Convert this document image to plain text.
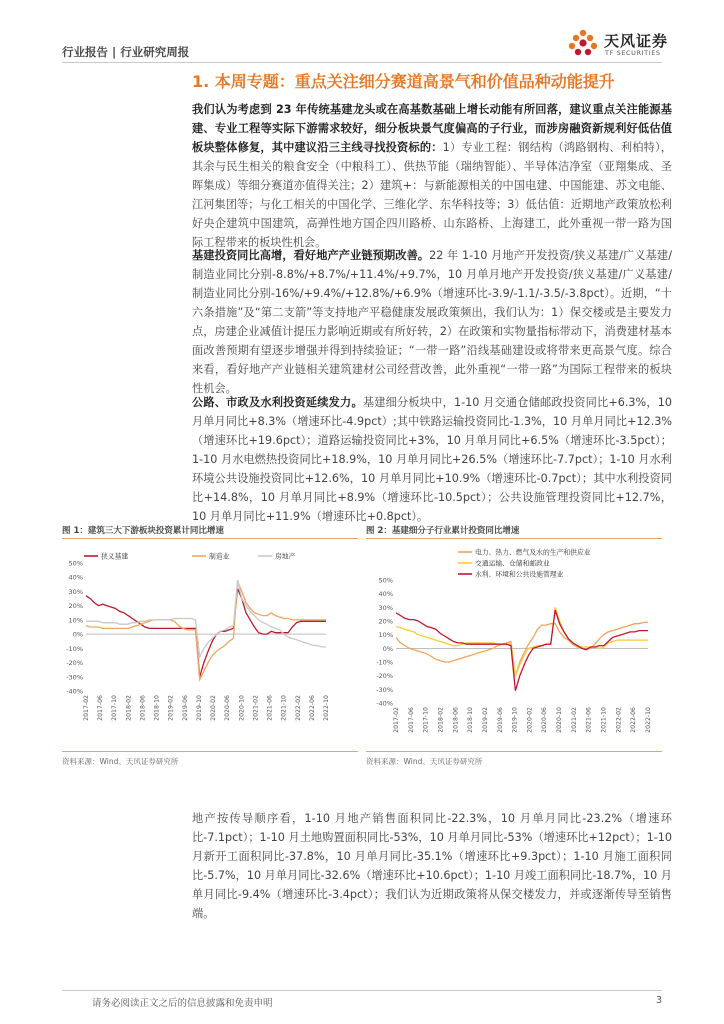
行业报告 | 行业研究周报
天风证券
TF SECURITIES
1. 本周专题：重点关注细分赛道高景气和价值品种动能提升
我们认为考虑到 23 年传统基建龙头或在高基数基础上增长动能有所回落，建议重点关注能源基建、专业工程等实际下游需求较好，细分板块景气度偏高的子行业，而涉房融资新规利好低估值板块整体修复，其中建议沿三主线寻找投资标的：1）专业工程：钢结构（鸿路钢构、利柏特），其余与民生相关的粮食安全（中粮科工）、供热节能（瑞纳智能）、半导体洁净室（亚翔集成、圣晖集成）等细分赛道亦值得关注；2）建筑+：与新能源相关的中国电建、中国能建、苏文电能、江河集团等；与化工相关的中国化学、三维化学、东华科技等；3）低估值：近期地产政策放松利好央企建筑中国建筑，高弹性地方国企四川路桥、山东路桥、上海建工，此外重视一带一路为国际工程带来的板块性机会。
基建投资同比高增，看好地产产业链预期改善。22 年 1-10 月地产开发投资/狭义基建/广义基建/制造业同比分别-8.8%/+8.7%/+11.4%/+9.7%，10 月单月地产开发投资/狭义基建/广义基建/制造业同比分别-16%/+9.4%/+12.8%/+6.9%（增速环比-3.9/-1.1/-3.5/-3.8pct）。近期，“十六条措施”及“第二支箭”等支持地产平稳健康发展政策频出，我们认为：1）保交楼或是主要发力点，房建企业减值计提压力影响近期或有所好转，2）在政策和实物量指标带动下，消费建材基本面改善预期有望逐步增强并得到持续验证；“一带一路”沿线基础建设或将带来更高景气度。综合来看，看好地产产业链相关建筑建材公司经营改善，此外重视“一带一路”为国际工程带来的板块性机会。
公路、市政及水利投资延续发力。基建细分板块中，1-10 月交通仓储邮政投资同比+6.3%，10 月单月同比+8.3%（增速环比-4.9pct）;其中铁路运输投资同比-1.3%，10 月单月同比+12.3%（增速环比+19.6pct）；道路运输投资同比+3%，10 月单月同比+6.5%（增速环比-3.5pct）；1-10 月水电燃热投资同比+18.9%，10 月单月同比+26.5%（增速环比-7.7pct）；1-10 月水利环境公共设施投资同比+12.6%，10 月单月同比+10.9%（增速环比-0.7pct）；其中水利投资同比+14.8%，10 月单月同比+8.9%（增速环比-10.5pct）；公共设施管理投资同比+12.7%，10 月单月同比+11.9%（增速环比+0.8pct）。
图 1：建筑三大下游板块投资累计同比增速
50%
40%
30%
20%
10%
0%
-10%
-20%
-30%
-40%
2017-02 2017-06 2017-10 2018-02 2018-06 2018-10 2019-02 2019-06 2019-10 2020-02 2020-06 2020-10 2021-02 2021-06 2021-10 2022-02 2022-06 2022-10
狭义基建	制造业	房地产
资料来源：Wind、天风证券研究所
图 2：基建细分子行业累计投资同比增速
50%
40%
30%
20%
10%
0%
-10%
-20%
-30%
-40%
2017-02 2017-06 2017-10 2018-02 2018-06 2018-10 2019-02 2019-06 2019-10 2020-02 2020-06 2020-10 2021-02 2021-06 2021-10 2022-02 2022-06 2022-10
电力、热力、燃气及水的生产和供应业
交通运输、仓储和邮政业
水利、环境和公共设施管理业
资料来源：Wind、天风证券研究所
地产按传导顺序看，1-10 月地产销售面积同比-22.3%，10 月单月同比-23.2%（增速环比-7.1pct）；1-10 月土地购置面积同比-53%，10 月单月同比-53%（增速环比+12pct）；1-10 月新开工面积同比-37.8%，10 月单月同比-35.1%（增速环比+9.3pct）；1-10 月施工面积同比-5.7%，10 月单月同比-32.6%（增速环比+10.6pct）；1-10 月竣工面积同比-18.7%，10 月单月同比-9.4%（增速环比-3.4pct）；我们认为近期政策将从保交楼发力，并或逐渐传导至销售端。
请务必阅读正文之后的信息披露和免责申明	3
